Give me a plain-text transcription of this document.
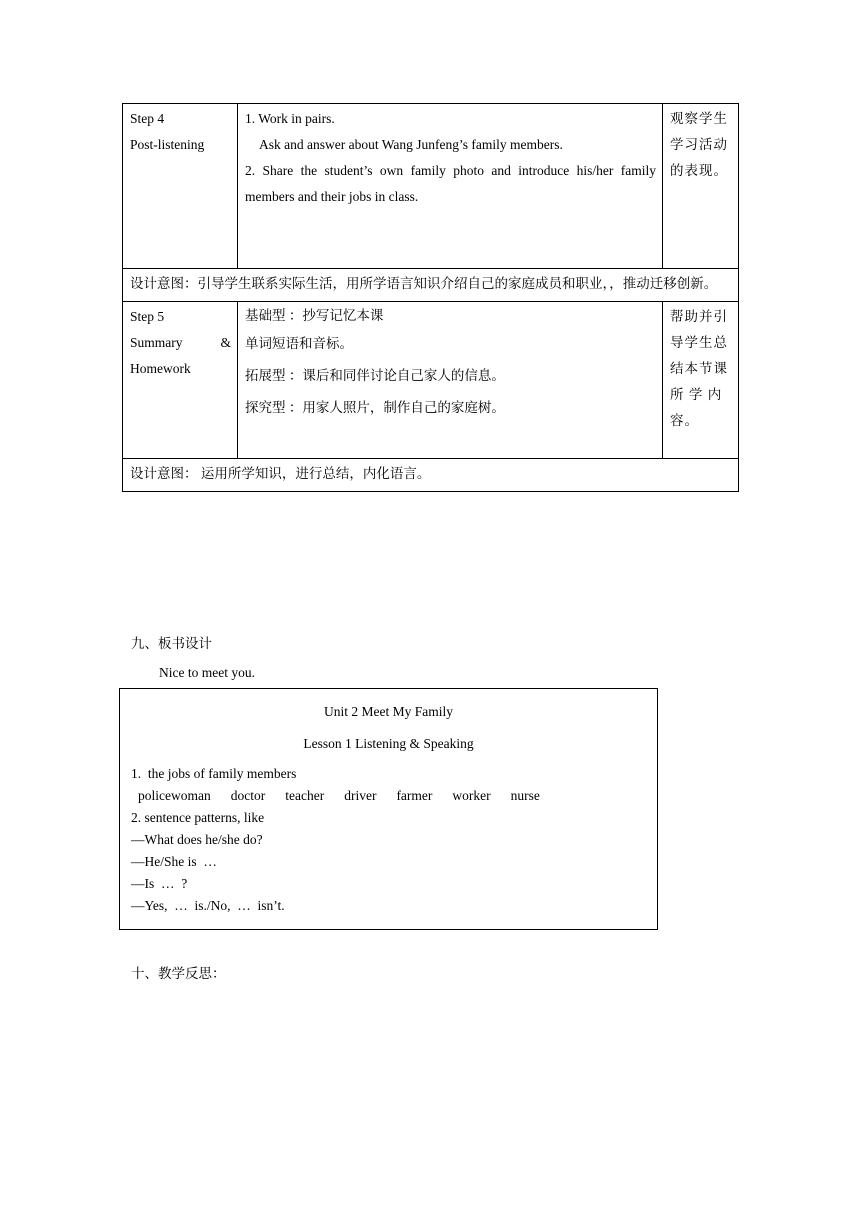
Step 4
Post-listening	1. Work in pairs.
Ask and answer about Wang Junfeng’s family members.
2. Share the student’s own family photo and introduce his/her family members and their jobs in class.	观察学生
学习活动
的表现。

设计意图：引导学生联系实际生活，用所学语言知识介绍自己的家庭成员和职业，，推动迁移创新。		

Step 5
Summary &
Homework	基础型 ：抄写记忆本课
单词短语和音标。
拓展型 ：课后和同伴讨论自己家人的信息。
探究型 ：用家人照片，制作自己的家庭树。	帮助并引
导学生总
结本节课
所 学 内
容。

设计意图： 运用所学知识，进行总结，内化语言。		
九、板书设计
Nice to meet you.
Unit 2 Meet My Family
Lesson 1 Listening & Speaking
1.  the jobs of family members
policewoman doctor teacher driver farmer worker nurse
2. sentence patterns, like
—What does he/she do?
—He/She is  …
—Is  …  ?
—Yes,  …  is./No,  …  isn’t.
十、教学反思：
